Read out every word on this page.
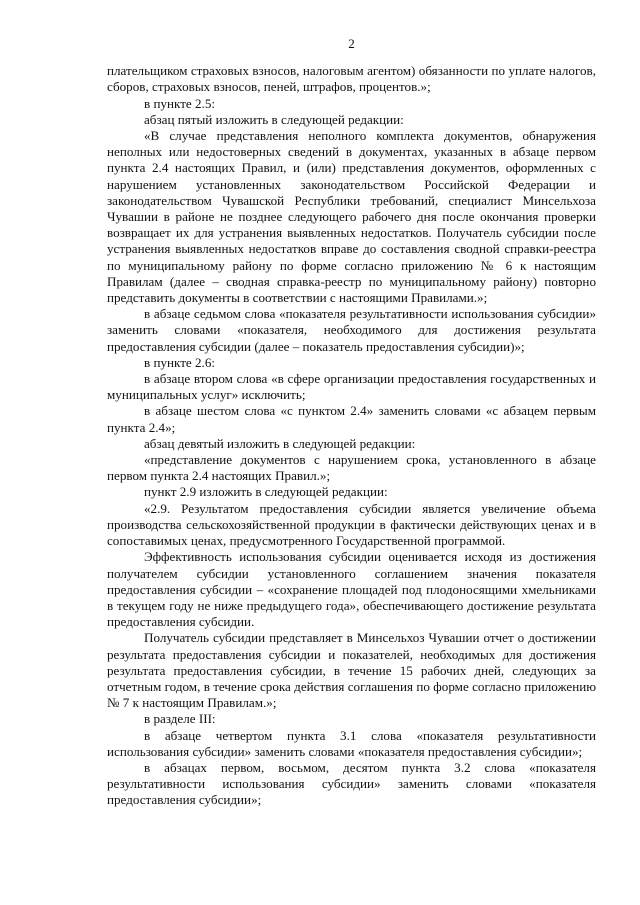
2

плательщиком страховых взносов, налоговым агентом) обязанности по уплате налогов, сборов, страховых взносов, пеней, штрафов, процентов.»;

в пункте 2.5:

абзац пятый изложить в следующей редакции:

«В случае представления неполного комплекта документов, обнаружения неполных или недостоверных сведений в документах, указанных в абзаце первом пункта 2.4 настоящих Правил, и (или) представления документов, оформленных с нарушением установленных законодательством Российской Федерации и законодательством Чувашской Республики требований, специалист Минсельхоза Чувашии в районе не позднее следующего рабочего дня после окончания проверки возвращает их для устранения выявленных недостатков. Получатель субсидии после устранения выявленных недостатков вправе до составления сводной справки-реестра по муниципальному району по форме согласно приложению № 6 к настоящим Правилам (далее – сводная справка-реестр по муниципальному району) повторно представить документы в соответствии с настоящими Правилами.»;

в абзаце седьмом слова «показателя результативности использования субсидии» заменить словами «показателя, необходимого для достижения результата предоставления субсидии (далее – показатель предоставления субсидии)»;

в пункте 2.6:

в абзаце втором слова «в сфере организации предоставления государственных и муниципальных услуг» исключить;

в абзаце шестом слова «с пунктом 2.4» заменить словами «с абзацем первым пункта 2.4»;

абзац девятый изложить в следующей редакции:

«представление документов с нарушением срока, установленного в абзаце первом пункта 2.4 настоящих Правил.»;

пункт 2.9 изложить в следующей редакции:

«2.9. Результатом предоставления субсидии является увеличение объема производства сельскохозяйственной продукции в фактически действующих ценах и в сопоставимых ценах, предусмотренного Государственной программой.

Эффективность использования субсидии оценивается исходя из достижения получателем субсидии установленного соглашением значения показателя предоставления субсидии – «сохранение площадей под плодоносящими хмельниками в текущем году не ниже предыдущего года», обеспечивающего достижение результата предоставления субсидии.

Получатель субсидии представляет в Минсельхоз Чувашии отчет о достижении результата предоставления субсидии и показателей, необходимых для достижения результата предоставления субсидии, в течение 15 рабочих дней, следующих за отчетным годом, в течение срока действия соглашения по форме согласно приложению № 7 к настоящим Правилам.»;

в разделе III:

в абзаце четвертом пункта 3.1 слова «показателя результативности использования субсидии» заменить словами «показателя предоставления субсидии»;

в абзацах первом, восьмом, десятом пункта 3.2 слова «показателя результативности использования субсидии» заменить словами «показателя предоставления субсидии»;
